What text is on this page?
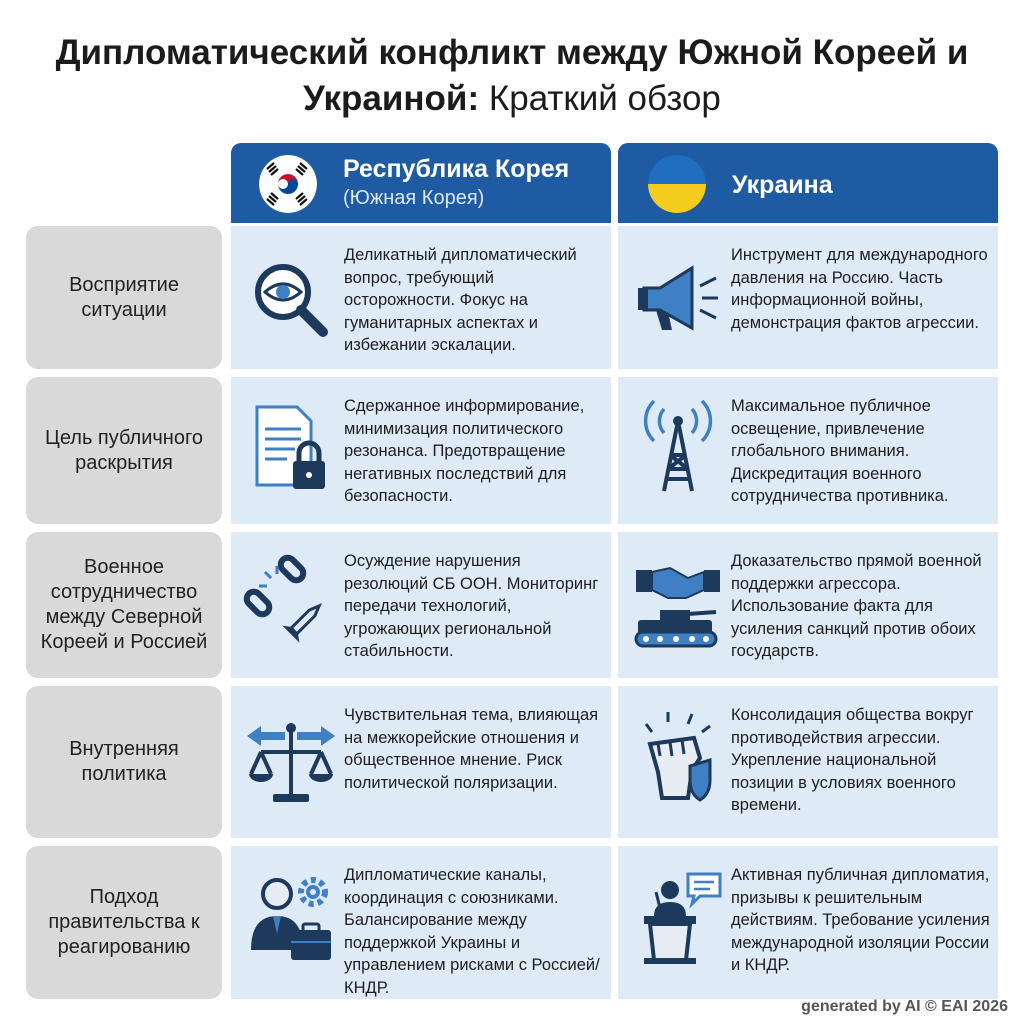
Дипломатический конфликт между Южной Кореей и Украиной: Краткий обзор
Республика Корея
(Южная Корея)	Украина
Восприятие ситуации
Деликатный дипломатический вопрос, требующий осторожности. Фокус на гуманитарных аспектах и избежании эскалации.
Инструмент для международного давления на Россию. Часть информационной войны, демонстрация фактов агрессии.
Цель публичного раскрытия
Сдержанное информирование, минимизация политического резонанса. Предотвращение негативных последствий для безопасности.
Максимальное публичное освещение, привлечение глобального внимания. Дискредитация военного сотрудничества противника.
Военное сотрудничество между Северной Кореей и Россией
Осуждение нарушения резолюций СБ ООН. Мониторинг передачи технологий, угрожающих региональной стабильности.
Доказательство прямой военной поддержки агрессора. Использование факта для усиления санкций против обоих государств.
Внутренняя политика
Чувствительная тема, влияющая на межкорейские отношения и общественное мнение. Риск политической поляризации.
Консолидация общества вокруг противодействия агрессии. Укрепление национальной позиции в условиях военного времени.
Подход правительства к реагированию
Дипломатические каналы, координация с союзниками. Балансирование между поддержкой Украины и управлением рисками с Россией/КНДР.
Активная публичная дипломатия, призывы к решительным действиям. Требование усиления международной изоляции России и КНДР.
generated by AI © EAI 2026
